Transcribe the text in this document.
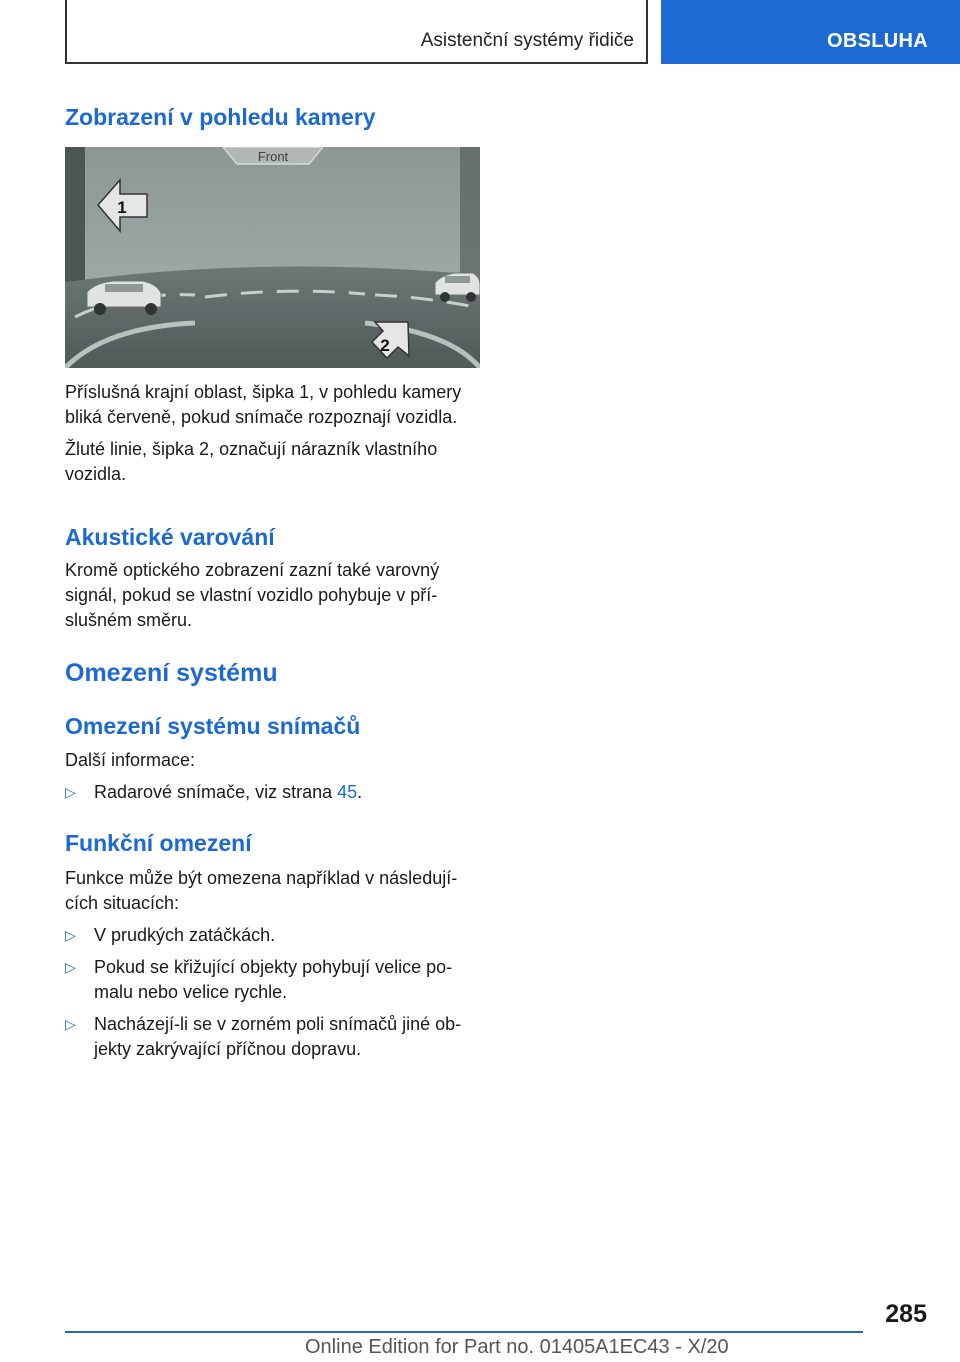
Asistenční systémy řidiče	OBSLUHA
Zobrazení v pohledu kamery
Front
1
2

Příslušná krajní oblast, šipka 1, v pohledu kamery bliká červeně, pokud snímače rozpoznají vozidla.

Žluté linie, šipka 2, označují nárazník vlastního vozidla.

Akustické varování

Kromě optického zobrazení zazní také varovný signál, pokud se vlastní vozidlo pohybuje v pří-slušném směru.

Omezení systému
Omezení systému snímačů

Další informace:

▷ Radarové snímače, viz strana 45.
Funkční omezení

Funkce může být omezena například v následují-cích situacích:

▷ V prudkých zatáčkách.
▷ Pokud se křižující objekty pohybují velice po-malu nebo velice rychle.
▷ Nacházejí-li se v zorném poli snímačů jiné ob-jekty zakrývající příčnou dopravu.
285
Online Edition for Part no. 01405A1EC43 - X/20
